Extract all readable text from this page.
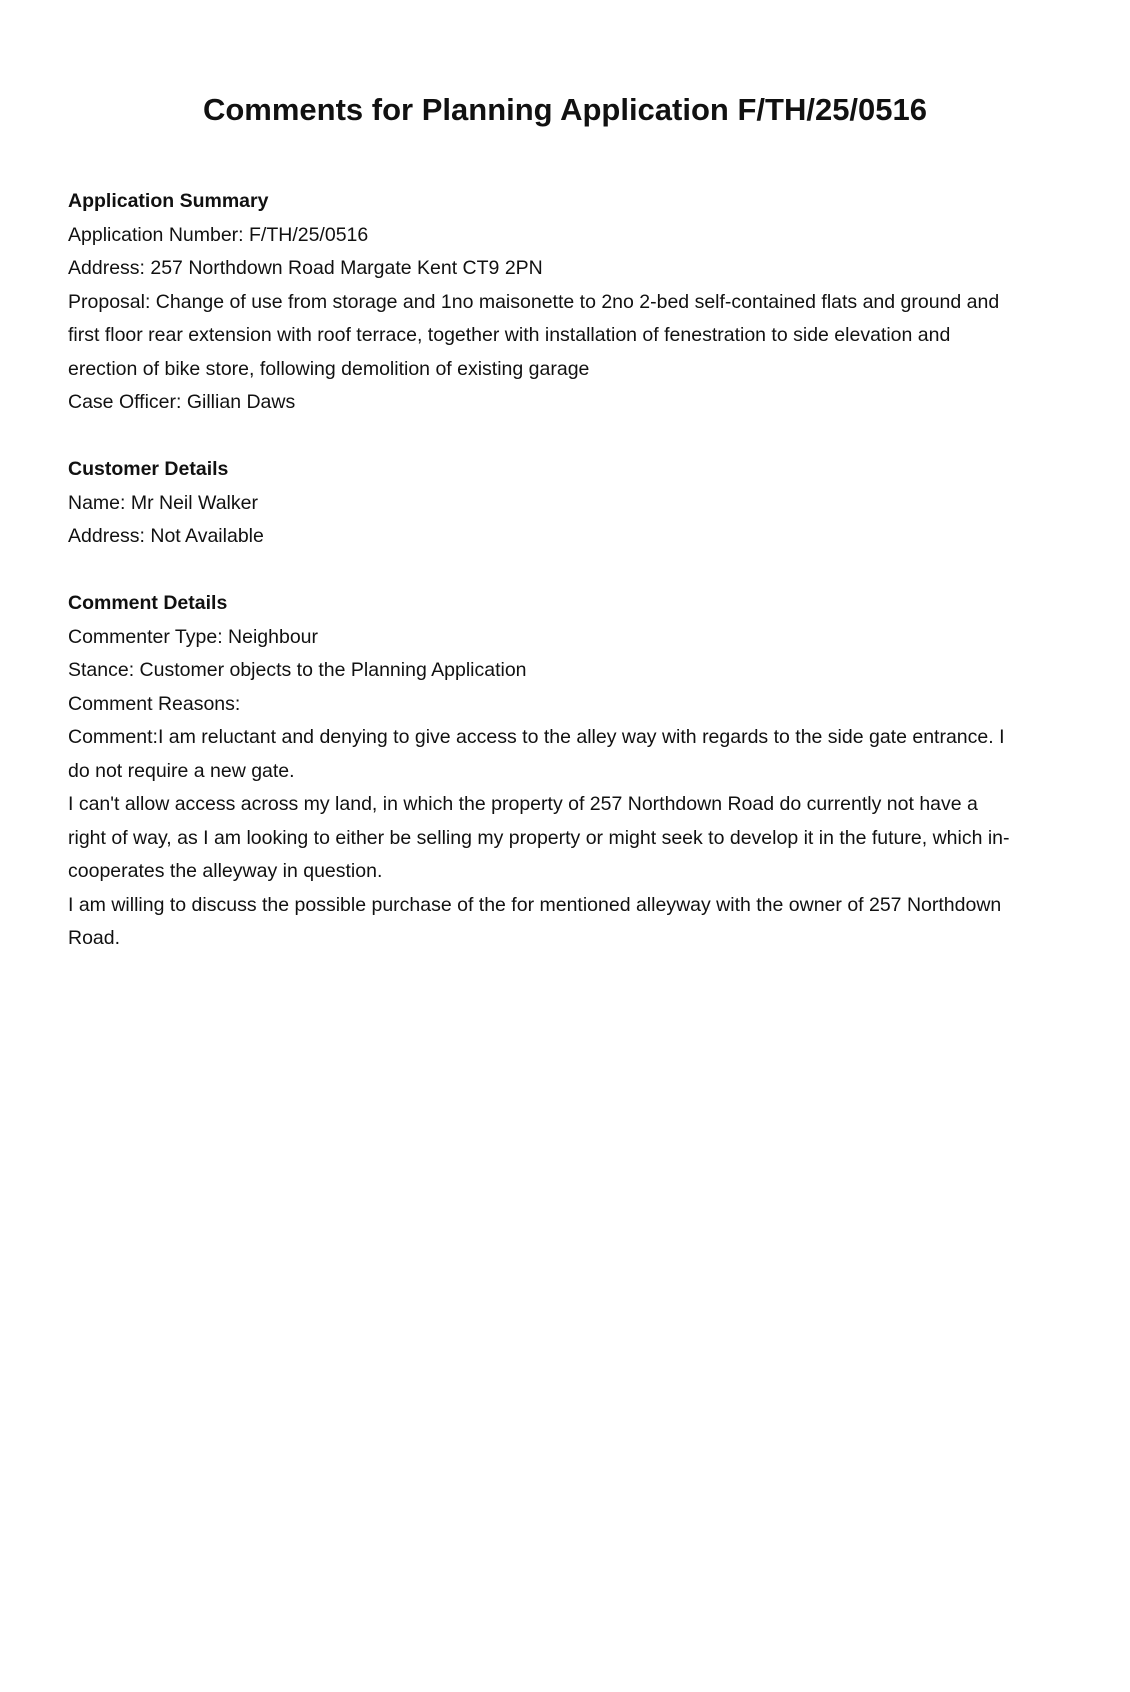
Comments for Planning Application F/TH/25/0516
Application Summary

Application Number: F/TH/25/0516

Address: 257 Northdown Road Margate Kent CT9 2PN

Proposal: Change of use from storage and 1no maisonette to 2no 2-bed self-contained flats and ground and first floor rear extension with roof terrace, together with installation of fenestration to side elevation and erection of bike store, following demolition of existing garage

Case Officer: Gillian Daws

Customer Details

Name: Mr Neil Walker

Address: Not Available

Comment Details

Commenter Type: Neighbour

Stance: Customer objects to the Planning Application

Comment Reasons:

Comment:I am reluctant and denying to give access to the alley way with regards to the side gate entrance. I do not require a new gate.

I can't allow access across my land, in which the property of 257 Northdown Road do currently not have a right of way, as I am looking to either be selling my property or might seek to develop it in the future, which in-cooperates the alleyway in question.

I am willing to discuss the possible purchase of the for mentioned alleyway with the owner of 257 Northdown Road.
